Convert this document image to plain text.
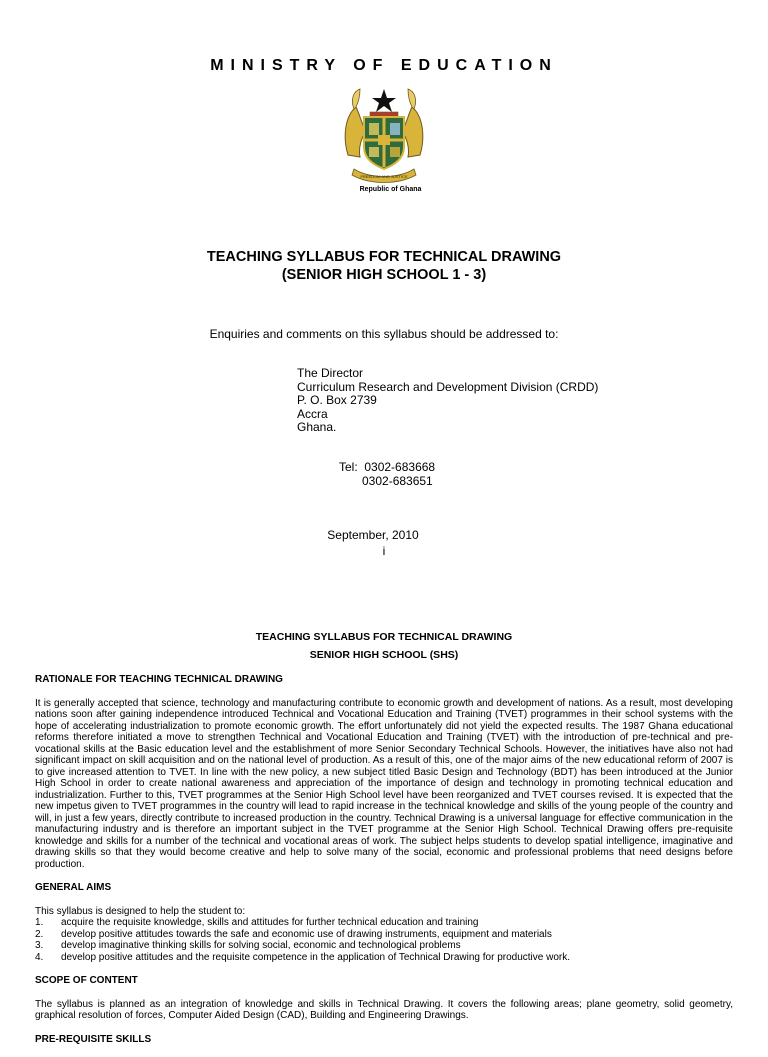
MINISTRY OF EDUCATION
FREEDOM AND JUSTICE
Republic of Ghana
TEACHING SYLLABUS FOR TECHNICAL DRAWING
(SENIOR HIGH SCHOOL 1 - 3)
Enquiries and comments on this syllabus should be addressed to:
The Director
Curriculum Research and Development Division (CRDD)
P. O. Box 2739
Accra
Ghana.
Tel: 0302-683668
0302-683651
September, 2010
i
TEACHING SYLLABUS FOR TECHNICAL DRAWING
SENIOR HIGH SCHOOL (SHS)
RATIONALE FOR TEACHING TECHNICAL DRAWING

It is generally accepted that science, technology and manufacturing contribute to economic growth and development of nations. As a result, most developing nations soon after gaining independence introduced Technical and Vocational Education and Training (TVET) programmes in their school systems with the hope of accelerating industrialization to promote economic growth. The effort unfortunately did not yield the expected results. The 1987 Ghana educational reforms therefore initiated a move to strengthen Technical and Vocational Education and Training (TVET) with the introduction of pre-technical and pre-vocational skills at the Basic education level and the establishment of more Senior Secondary Technical Schools. However, the initiatives have also not had significant impact on skill acquisition and on the national level of production. As a result of this, one of the major aims of the new educational reform of 2007 is to give increased attention to TVET. In line with the new policy, a new subject titled Basic Design and Technology (BDT) has been introduced at the Junior High School in order to create national awareness and appreciation of the importance of design and technology in promoting technical education and industrialization. Further to this, TVET programmes at the Senior High School level have been reorganized and TVET courses revised. It is expected that the new impetus given to TVET programmes in the country will lead to rapid increase in the technical knowledge and skills of the young people of the country and will, in just a few years, directly contribute to increased production in the country. Technical Drawing is a universal language for effective communication in the manufacturing industry and is therefore an important subject in the TVET programme at the Senior High School. Technical Drawing offers pre-requisite knowledge and skills for a number of the technical and vocational areas of work. The subject helps students to develop spatial intelligence, imaginative and drawing skills so that they would become creative and help to solve many of the social, economic and professional problems that need designs before production.

GENERAL AIMS

This syllabus is designed to help the student to:

1.	acquire the requisite knowledge, skills and attitudes for further technical education and training
2.	develop positive attitudes towards the safe and economic use of drawing instruments, equipment and materials
3.	develop imaginative thinking skills for solving social, economic and technological problems
4.	develop positive attitudes and the requisite competence in the application of Technical Drawing for productive work.
SCOPE OF CONTENT

The syllabus is planned as an integration of knowledge and skills in Technical Drawing. It covers the following areas; plane geometry, solid geometry, graphical resolution of forces, Computer Aided Design (CAD), Building and Engineering Drawings.

PRE-REQUISITE SKILLS
